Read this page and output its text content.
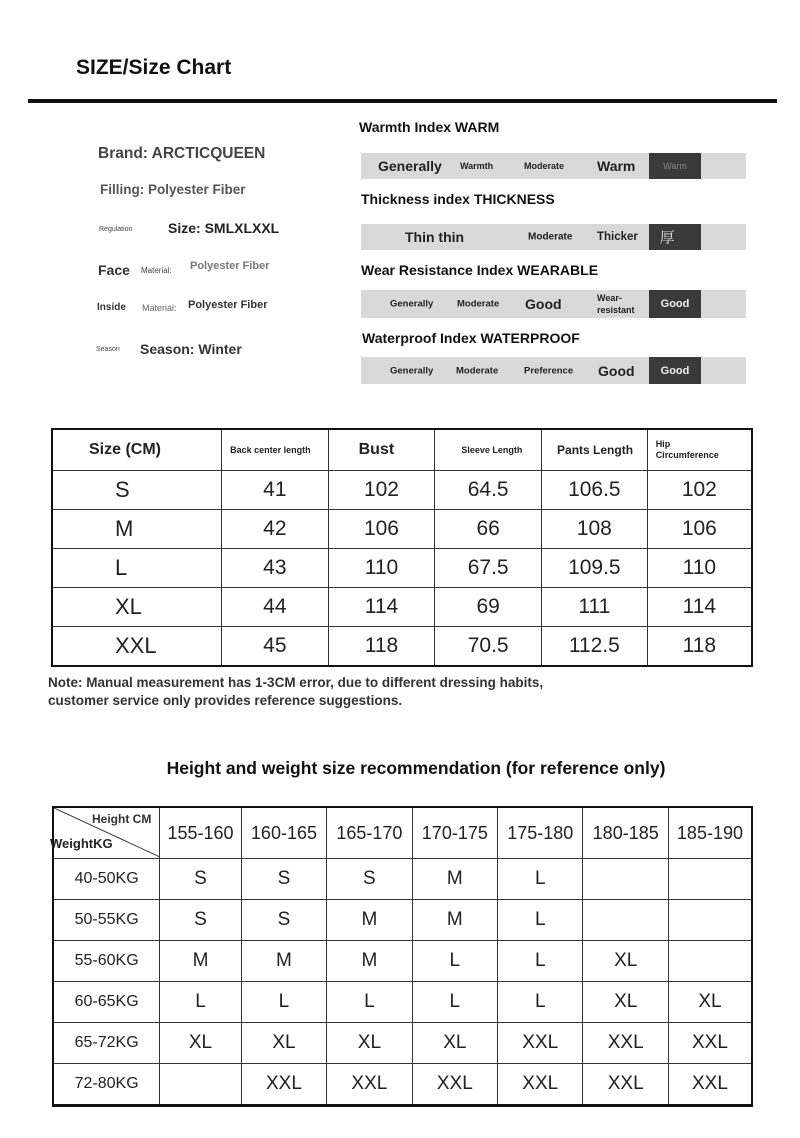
SIZE/Size Chart
Brand: ARCTICQUEEN
Filling: Polyester Fiber
Regulation	Size: SMLXLXXL
Face Material: Polyester Fiber
Inside Material: Polyester Fiber
Season Season: Winter
Warmth Index WARM
Generally Warmth	Moderate Warm	Warm
Thickness index THICKNESS
Thin thin	Moderate Thicker 厚
Wear Resistance Index WEARABLE
Generally Moderate Good	Wear-
resistant Good
Waterproof Index WATERPROOF
Generally Moderate	Preference Good Good
Size (CM)	Back center length	Bust	Sleeve Length	Pants Length	Hip
Circumference
S	41	102	64.5	106.5	102
M	42	106	66	108	106
L	43	110	67.5	109.5	110
XL	44	114	69	111	114
XXL	45	118	70.5	112.5	118
Note: Manual measurement has 1-3CM error, due to different dressing habits,
customer service only provides reference suggestions.
Height and weight size recommendation (for reference only)
Height CM
WeightKG	155-160	160-165	165-170	170-175	175-180	180-185	185-190
40-50KG	S	S	S	M	L		
50-55KG	S	S	M	M	L		
55-60KG	M	M	M	L	L	XL	
60-65KG	L	L	L	L	L	XL	XL
65-72KG	XL	XL	XL	XL	XXL	XXL	XXL
72-80KG		XXL	XXL	XXL	XXL	XXL	XXL
